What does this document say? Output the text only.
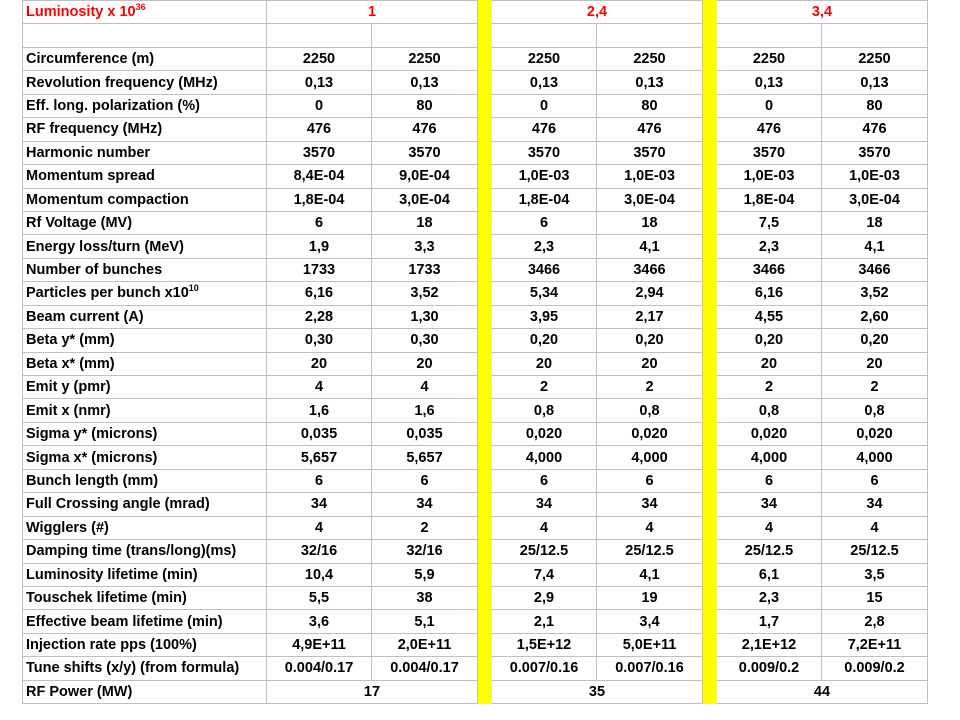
Luminosity x $10^{36}$	1			2,4			3,4	

Circumference (m)	2250	2250		2250	2250		2250	2250
Revolution frequency (MHz)	0,13	0,13		0,13	0,13		0,13	0,13
Eff. long. polarization (%)	0	80		0	80		0	80
RF frequency (MHz)	476	476		476	476		476	476
Harmonic number	3570	3570		3570	3570		3570	3570
Momentum spread	8,4E-04	9,0E-04		1,0E-03	1,0E-03		1,0E-03	1,0E-03
Momentum compaction	1,8E-04	3,0E-04		1,8E-04	3,0E-04		1,8E-04	3,0E-04
Rf Voltage (MV)	6	18		6	18		7,5	18
Energy loss/turn (MeV)	1,9	3,3		2,3	4,1		2,3	4,1
Number of bunches	1733	1733		3466	3466		3466	3466
Particles per bunch $x10^{10}$	6,16	3,52		5,34	2,94		6,16	3,52
Beam current (A)	2,28	1,30		3,95	2,17		4,55	2,60
Beta y* (mm)	0,30	0,30		0,20	0,20		0,20	0,20
Beta x* (mm)	20	20		20	20		20	20
Emit y (pmr)	4	4		2	2		2	2
Emit x (nmr)	1,6	1,6		0,8	0,8		0,8	0,8
Sigma y* (microns)	0,035	0,035		0,020	0,020		0,020	0,020
Sigma x* (microns)	5,657	5,657		4,000	4,000		4,000	4,000
Bunch length (mm)	6	6		6	6		6	6
Full Crossing angle (mrad)	34	34		34	34		34	34
Wigglers (#)	4	2		4	4		4	4
Damping time (trans/long)(ms)	32/16	32/16		25/12.5	25/12.5		25/12.5	25/12.5
Luminosity lifetime (min)	10,4	5,9		7,4	4,1		6,1	3,5
Touschek lifetime (min)	5,5	38		2,9	19		2,3	15
Effective beam lifetime (min)	3,6	5,1		2,1	3,4		1,7	2,8
Injection rate pps (100%)	4,9E+11	2,0E+11		1,5E+12	5,0E+11		2,1E+12	7,2E+11
Tune shifts (x/y) (from formula)	0.004/0.17	0.004/0.17		0.007/0.16	0.007/0.16		0.009/0.2	0.009/0.2
RF Power (MW)	17			35			44	
